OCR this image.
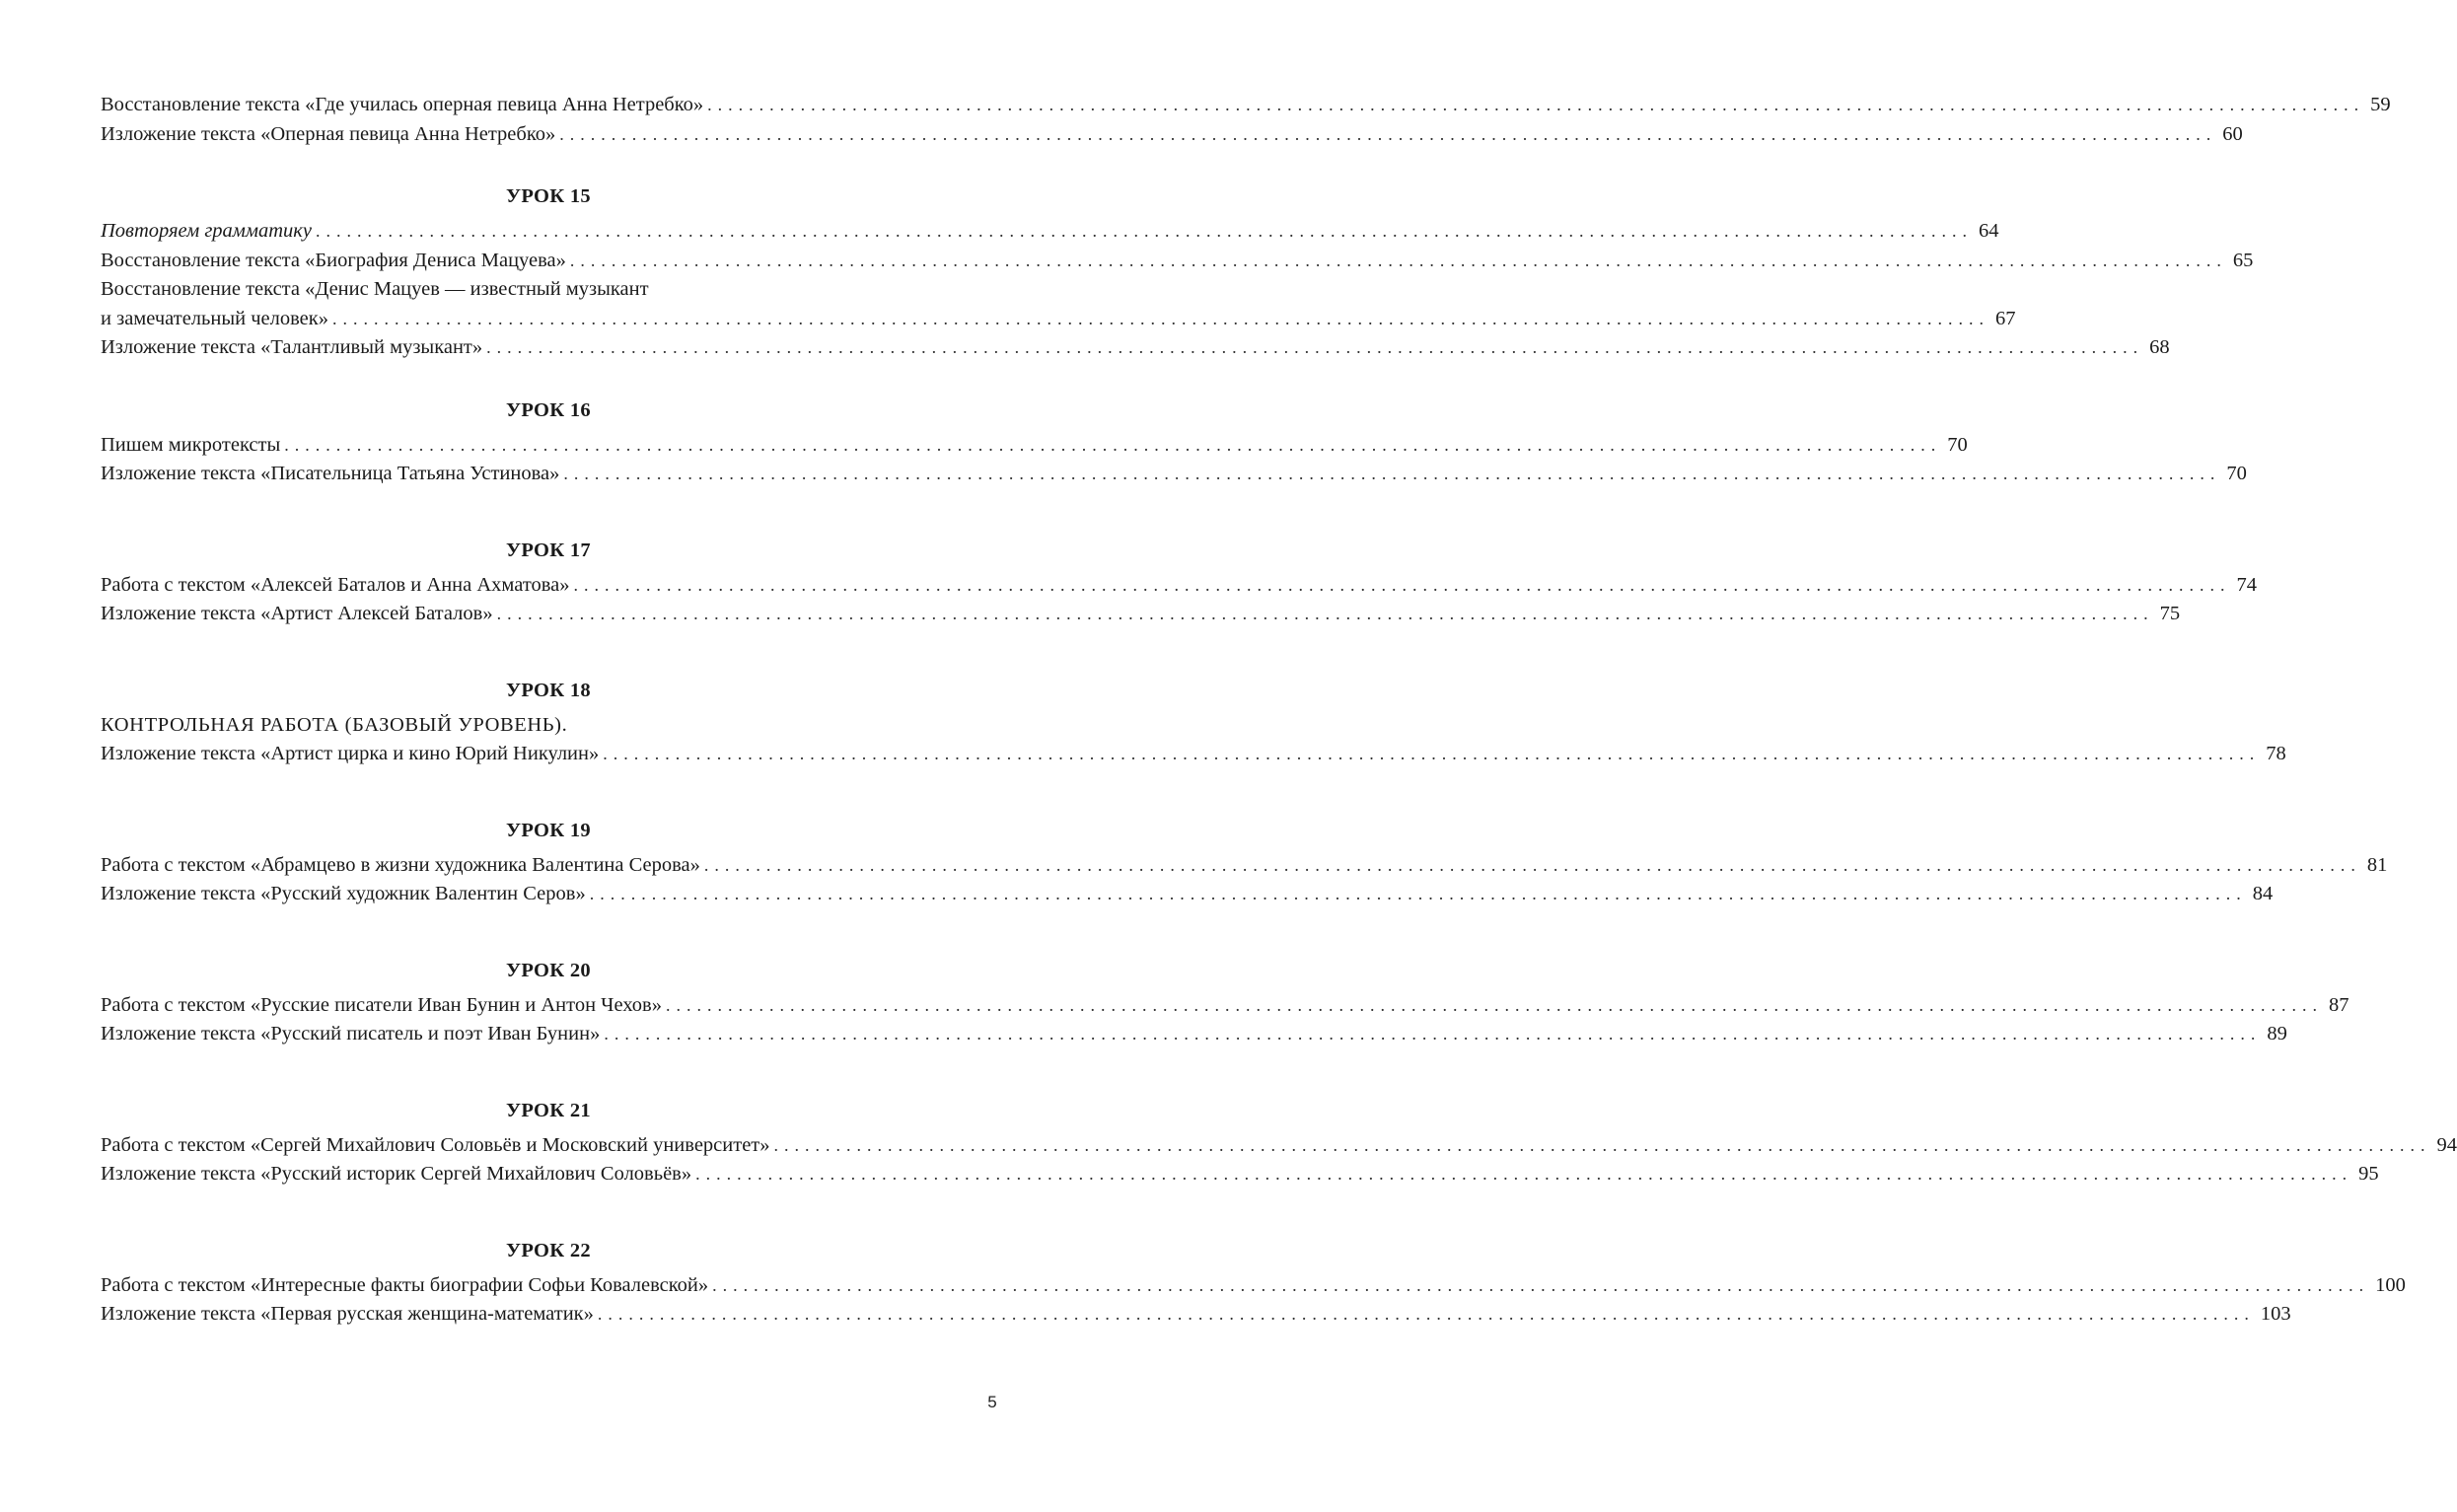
Восстановление текста «Где училась оперная певица Анна Нетребко» ................................................................................................................................................................ 59
Изложение текста «Оперная певица Анна Нетребко» ................................................................................................................................................................ 60
УРОК 15
Повторяем грамматику ................................................................................................................................................................ 64
Восстановление текста «Биография Дениса Мацуева» ................................................................................................................................................................ 65
Восстановление текста «Денис Мацуев — известный музыкант
и замечательный человек» ................................................................................................................................................................ 67
Изложение текста «Талантливый музыкант» ................................................................................................................................................................ 68
УРОК 16
Пишем микротексты ................................................................................................................................................................ 70
Изложение текста «Писательница Татьяна Устинова» ................................................................................................................................................................ 70
УРОК 17
Работа с текстом «Алексей Баталов и Анна Ахматова» ................................................................................................................................................................ 74
Изложение текста «Артист Алексей Баталов» ................................................................................................................................................................ 75
УРОК 18
КОНТРОЛЬНАЯ РАБОТА (БАЗОВЫЙ УРОВЕНЬ).
Изложение текста «Артист цирка и кино Юрий Никулин» ................................................................................................................................................................ 78
УРОК 19
Работа с текстом «Абрамцево в жизни художника Валентина Серова» ................................................................................................................................................................ 81
Изложение текста «Русский художник Валентин Серов» ................................................................................................................................................................ 84
УРОК 20
Работа с текстом «Русские писатели Иван Бунин и Антон Чехов» ................................................................................................................................................................ 87
Изложение текста «Русский писатель и поэт Иван Бунин» ................................................................................................................................................................ 89
УРОК 21
Работа с текстом «Сергей Михайлович Соловьёв и Московский университет» ................................................................................................................................................................ 94
Изложение текста «Русский историк Сергей Михайлович Соловьёв» ................................................................................................................................................................ 95
УРОК 22
Работа с текстом «Интересные факты биографии Софьи Ковалевской» ................................................................................................................................................................ 100
Изложение текста «Первая русская женщина-математик» ................................................................................................................................................................ 103
5
